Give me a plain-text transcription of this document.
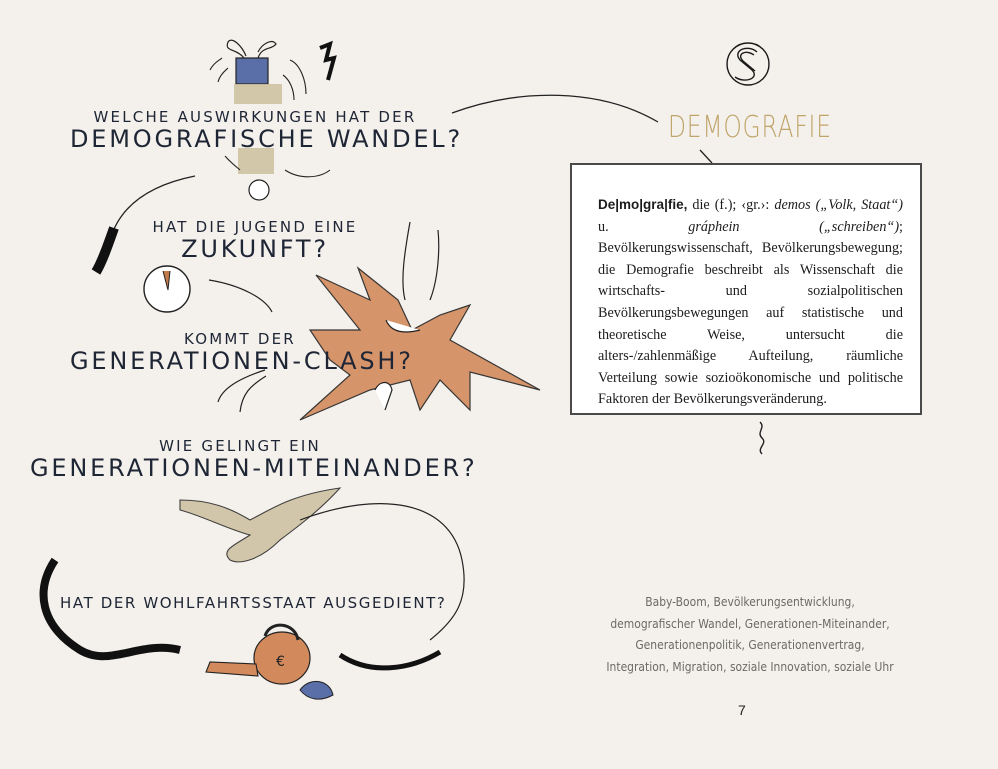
€
WELCHE AUSWIRKUNGEN HAT DER
DEMOGRAFISCHE WANDEL?
HAT DIE JUGEND EINE
ZUKUNFT?
KOMMT DER
GENERATIONEN-CLASH?
WIE GELINGT EIN
GENERATIONEN-MITEINANDER?
HAT DER WOHLFAHRTSSTAAT AUSGEDIENT?
DEMOGRAFIE
De|mo|gra|fie, die (f.); ‹gr.›: demos („Volk, Staat“) u. gráphein („schreiben“); Bevölkerungswissenschaft, Bevölkerungsbewegung; die Demografie beschreibt als Wissenschaft die wirtschafts- und sozialpolitischen Bevölkerungsbewegungen auf statistische und theoretische Weise, untersucht die alters-/zahlenmäßige Aufteilung, räumliche Verteilung sowie sozioökonomische und politische Faktoren der Bevölkerungsveränderung.
Baby-Boom, Bevölkerungsentwicklung,
demografischer Wandel, Generationen-Miteinander,
Generationenpolitik, Generationenvertrag,
Integration, Migration, soziale Innovation, soziale Uhr
7
